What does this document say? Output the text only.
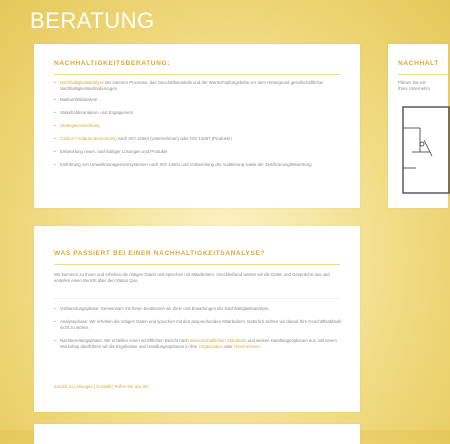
BERATUNG
NACHHALTIGKEITSBERATUNG:
• Nachhaltigkeitsanalyse der internen Prozesse, des Geschäftsmodells und der Wertschöpfungskette vor dem Hintergrund gesellschaftlicher Nachhaltigkeitsanforderungen
• Markumfeldanalyse
• Stakeholderanalyse- und Engagement
• Strategieentwicklung
• Carbon Footprint Berechnung nach ISO 14064 (Unternehmen) oder ISO 14067 (Produkte)
• Entwicklung neuer, nachhaltiger Lösungen und Produkte
• Einführung von Umweltmanagementsystemen nach ISO 14001 und Vorbereitung der Auditierung sowie der Zertifizierung/Bewertung
WAS PASSIERT BEI EINER NACHHALTIGKEITSANALYSE?

Wir kommen zu Ihnen und erheben die nötigen Daten und sprechen mit Mitarbeitern. Anschließend werten wir die Daten und Gespräche aus und erstellen einen Bericht über den Status Quo.

• Vorbereitungsphase: Gemeinsam mit Ihnen bestimmen wir Ziele und Erwartungen der Nachhaltigkeitsanalyse.
• Analysephase: Wir erheben die nötigen Daten und sprechen mit den ansprechenden Mitarbeitern. Natürlich achten wir darauf Ihre Geschäftsabläufe nicht zu stören.
• Nachbereitungsphase: Wir erstellen einen schriftlichen Bericht nach wissenschaftlichen Standards und weisen Handlungsoptionen aus. Mit einem Workshop überführen wir die Ergebnisse und Handlungsoptionen in Ihre Organisation oder Unternehmen.
Zurück zu Lösungen | Kontakt | Rufen Sie uns an!
NACHHALT

Planen Sie mit
Ihres Unternehm
